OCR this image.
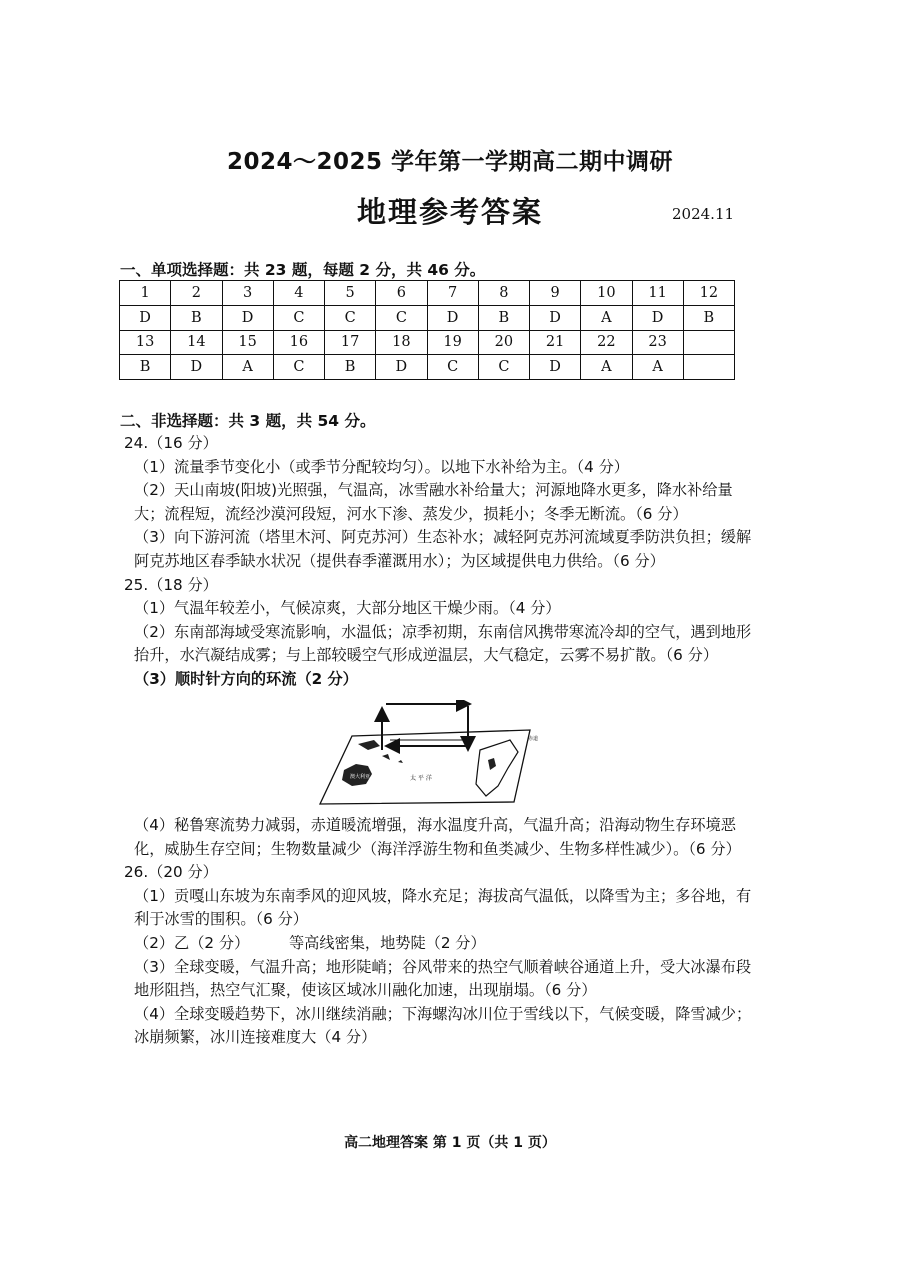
2024～2025 学年第一学期高二期中调研
地理参考答案	2024.11
一、单项选择题：共 23 题，每题 2 分，共 46 分。
1	2	3	4	5	6	7	8	9	10	11	12
D	B	D	C	C	C	D	B	D	A	D	B
13	14	15	16	17	18	19	20	21	22	23	
B	D	A	C	B	D	C	C	D	A	A	
二、非选择题：共 3 题，共 54 分。

24.（16 分）

（1）流量季节变化小（或季节分配较均匀）。以地下水补给为主。（4 分）

（2）天山南坡(阳坡)光照强，气温高，冰雪融水补给量大；河源地降水更多，降水补给量大；流程短，流经沙漠河段短，河水下渗、蒸发少，损耗小；冬季无断流。（6 分）

（3）向下游河流（塔里木河、阿克苏河）生态补水；减轻阿克苏河流域夏季防洪负担；缓解阿克苏地区春季缺水状况（提供春季灌溉用水）；为区域提供电力供给。（6 分）

25.（18 分）

（1）气温年较差小，气候凉爽，大部分地区干燥少雨。（4 分）

（2）东南部海域受寒流影响，水温低；凉季初期，东南信风携带寒流冷却的空气，遇到地形抬升，水汽凝结成雾；与上部较暖空气形成逆温层，大气稳定，云雾不易扩散。（6 分）

（3）顺时针方向的环流（2 分）

澳大利亚
赤道
太 平 洋

（4）秘鲁寒流势力减弱，赤道暖流增强，海水温度升高，气温升高；沿海动物生存环境恶化，威胁生存空间；生物数量减少（海洋浮游生物和鱼类减少、生物多样性减少）。（6 分）

26.（20 分）

（1）贡嘎山东坡为东南季风的迎风坡，降水充足；海拔高气温低，以降雪为主；多谷地，有利于冰雪的围积。（6 分）

（2）乙（2 分）	等高线密集，地势陡（2 分）

（3）全球变暖，气温升高；地形陡峭；谷风带来的热空气顺着峡谷通道上升，受大冰瀑布段地形阻挡，热空气汇聚，使该区域冰川融化加速，出现崩塌。（6 分）

（4）全球变暖趋势下，冰川继续消融；下海螺沟冰川位于雪线以下，气候变暖，降雪减少；冰崩频繁，冰川连接难度大（4 分）

高二地理答案 第 1 页（共 1 页）
